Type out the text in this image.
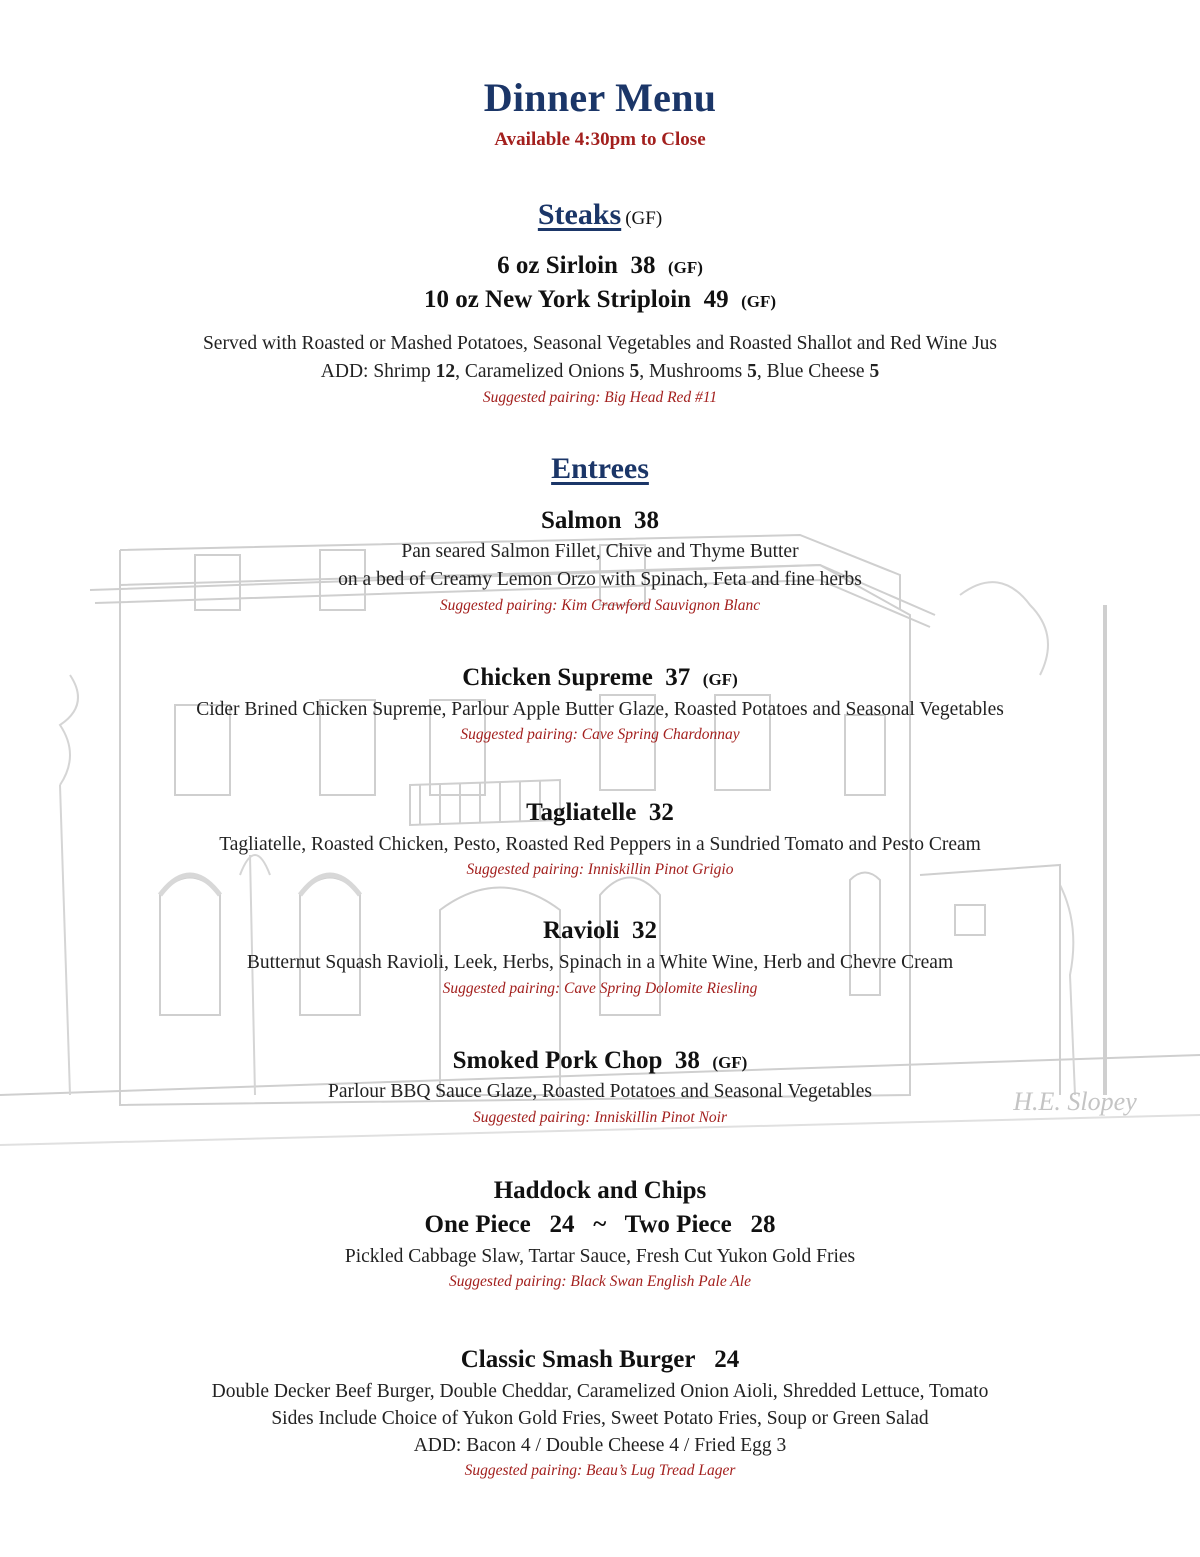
H.E. Slopey
Dinner Menu
Available 4:30pm to Close
Steaks (GF)
6 oz Sirloin 38 (GF)
10 oz New York Striploin 49 (GF)
Served with Roasted or Mashed Potatoes, Seasonal Vegetables and Roasted Shallot and Red Wine Jus
ADD: Shrimp 12, Caramelized Onions 5, Mushrooms 5, Blue Cheese 5
Suggested pairing: Big Head Red #11
Entrees
Salmon 38
Pan seared Salmon Fillet, Chive and Thyme Butter
on a bed of Creamy Lemon Orzo with Spinach, Feta and fine herbs
Suggested pairing: Kim Crawford Sauvignon Blanc
Chicken Supreme 37 (GF)
Cider Brined Chicken Supreme, Parlour Apple Butter Glaze, Roasted Potatoes and Seasonal Vegetables
Suggested pairing: Cave Spring Chardonnay
Tagliatelle 32
Tagliatelle, Roasted Chicken, Pesto, Roasted Red Peppers in a Sundried Tomato and Pesto Cream
Suggested pairing: Inniskillin Pinot Grigio
Ravioli 32
Butternut Squash Ravioli, Leek, Herbs, Spinach in a White Wine, Herb and Chevre Cream
Suggested pairing: Cave Spring Dolomite Riesling
Smoked Pork Chop 38 (GF)
Parlour BBQ Sauce Glaze, Roasted Potatoes and Seasonal Vegetables
Suggested pairing: Inniskillin Pinot Noir
Haddock and Chips
One Piece 24 ~ Two Piece 28
Pickled Cabbage Slaw, Tartar Sauce, Fresh Cut Yukon Gold Fries
Suggested pairing: Black Swan English Pale Ale
Classic Smash Burger 24
Double Decker Beef Burger, Double Cheddar, Caramelized Onion Aioli, Shredded Lettuce, Tomato
Sides Include Choice of Yukon Gold Fries, Sweet Potato Fries, Soup or Green Salad
ADD: Bacon 4 / Double Cheese 4 / Fried Egg 3
Suggested pairing: Beau’s Lug Tread Lager
